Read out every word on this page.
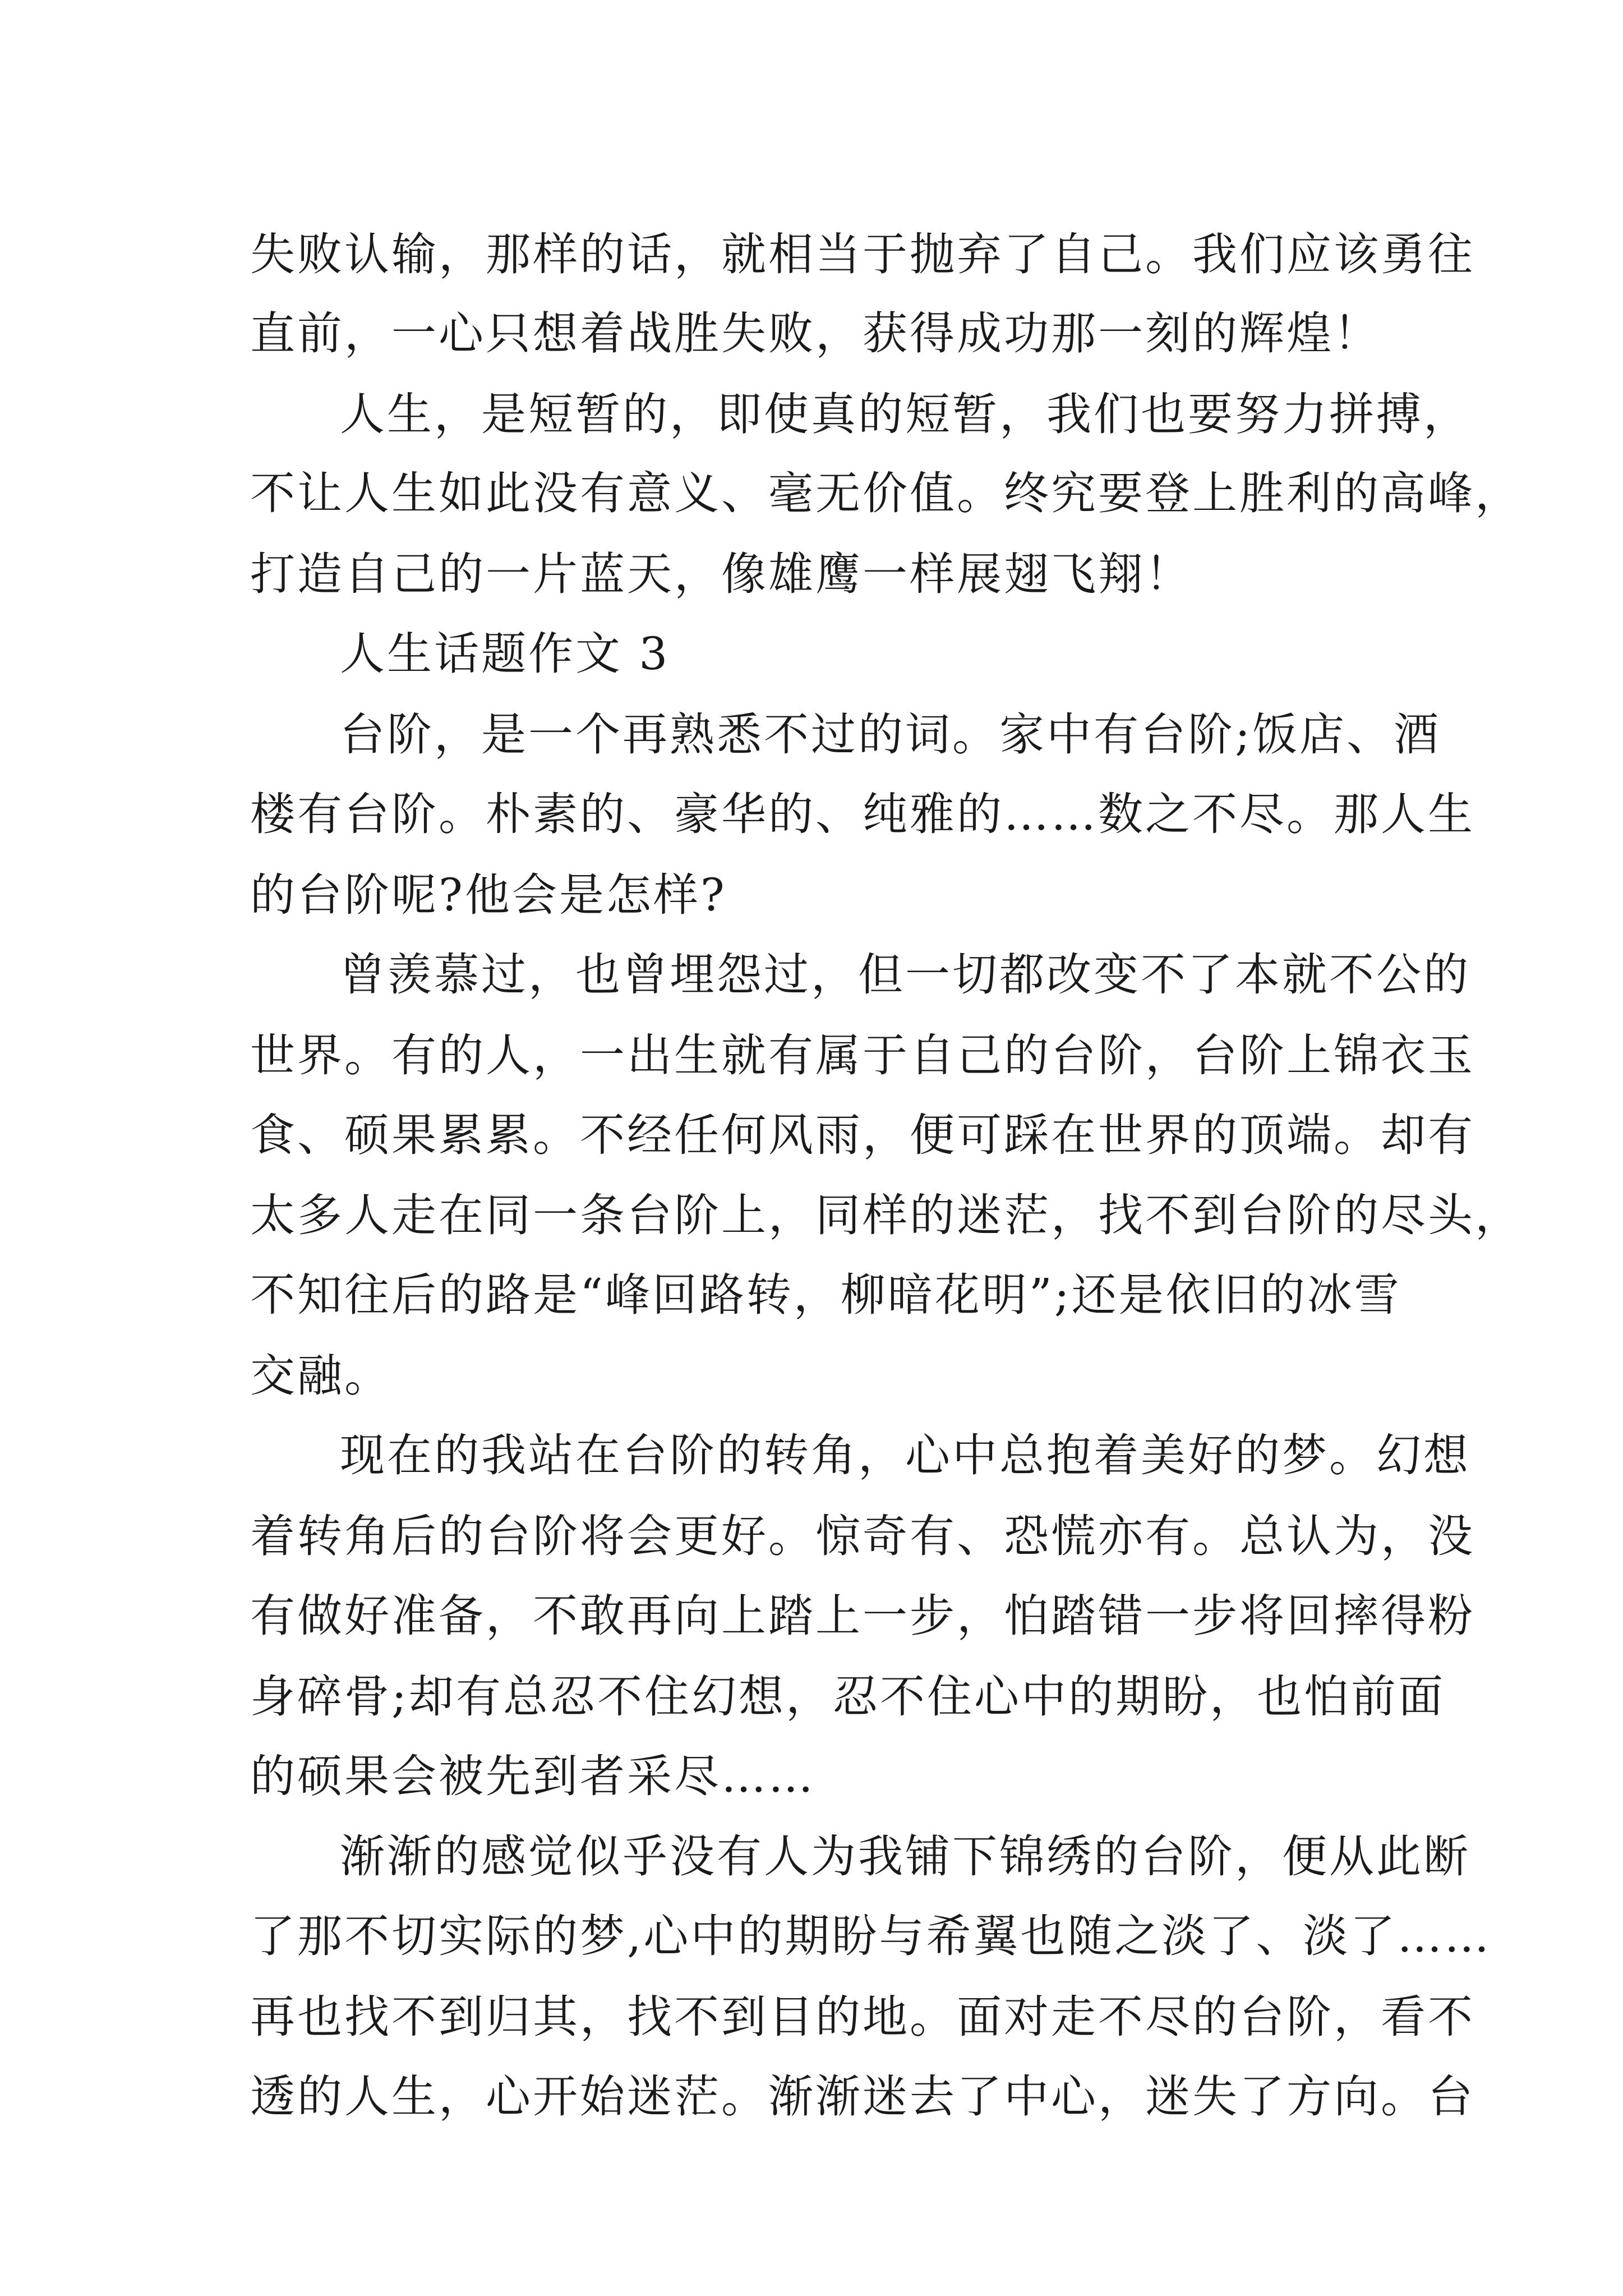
失败认输，那样的话，就相当于抛弃了自己。我们应该勇往
直前，一心只想着战胜失败，获得成功那一刻的辉煌！
人生，是短暂的，即使真的短暂，我们也要努力拼搏，
不让人生如此没有意义、毫无价值。终究要登上胜利的高峰，
打造自己的一片蓝天，像雄鹰一样展翅飞翔！
人生话题作文 3
台阶，是一个再熟悉不过的词。家中有台阶;饭店、酒
楼有台阶。朴素的、豪华的、纯雅的……数之不尽。那人生
的台阶呢?他会是怎样?
曾羡慕过，也曾埋怨过，但一切都改变不了本就不公的
世界。有的人，一出生就有属于自己的台阶，台阶上锦衣玉
食、硕果累累。不经任何风雨，便可踩在世界的顶端。却有
太多人走在同一条台阶上，同样的迷茫，找不到台阶的尽头，
不知往后的路是“峰回路转，柳暗花明”;还是依旧的冰雪
交融。
现在的我站在台阶的转角，心中总抱着美好的梦。幻想
着转角后的台阶将会更好。惊奇有、恐慌亦有。总认为，没
有做好准备，不敢再向上踏上一步，怕踏错一步将回摔得粉
身碎骨;却有总忍不住幻想，忍不住心中的期盼，也怕前面
的硕果会被先到者采尽……
渐渐的感觉似乎没有人为我铺下锦绣的台阶，便从此断
了那不切实际的梦,心中的期盼与希翼也随之淡了、淡了……
再也找不到归其，找不到目的地。面对走不尽的台阶，看不
透的人生，心开始迷茫。渐渐迷去了中心，迷失了方向。台
